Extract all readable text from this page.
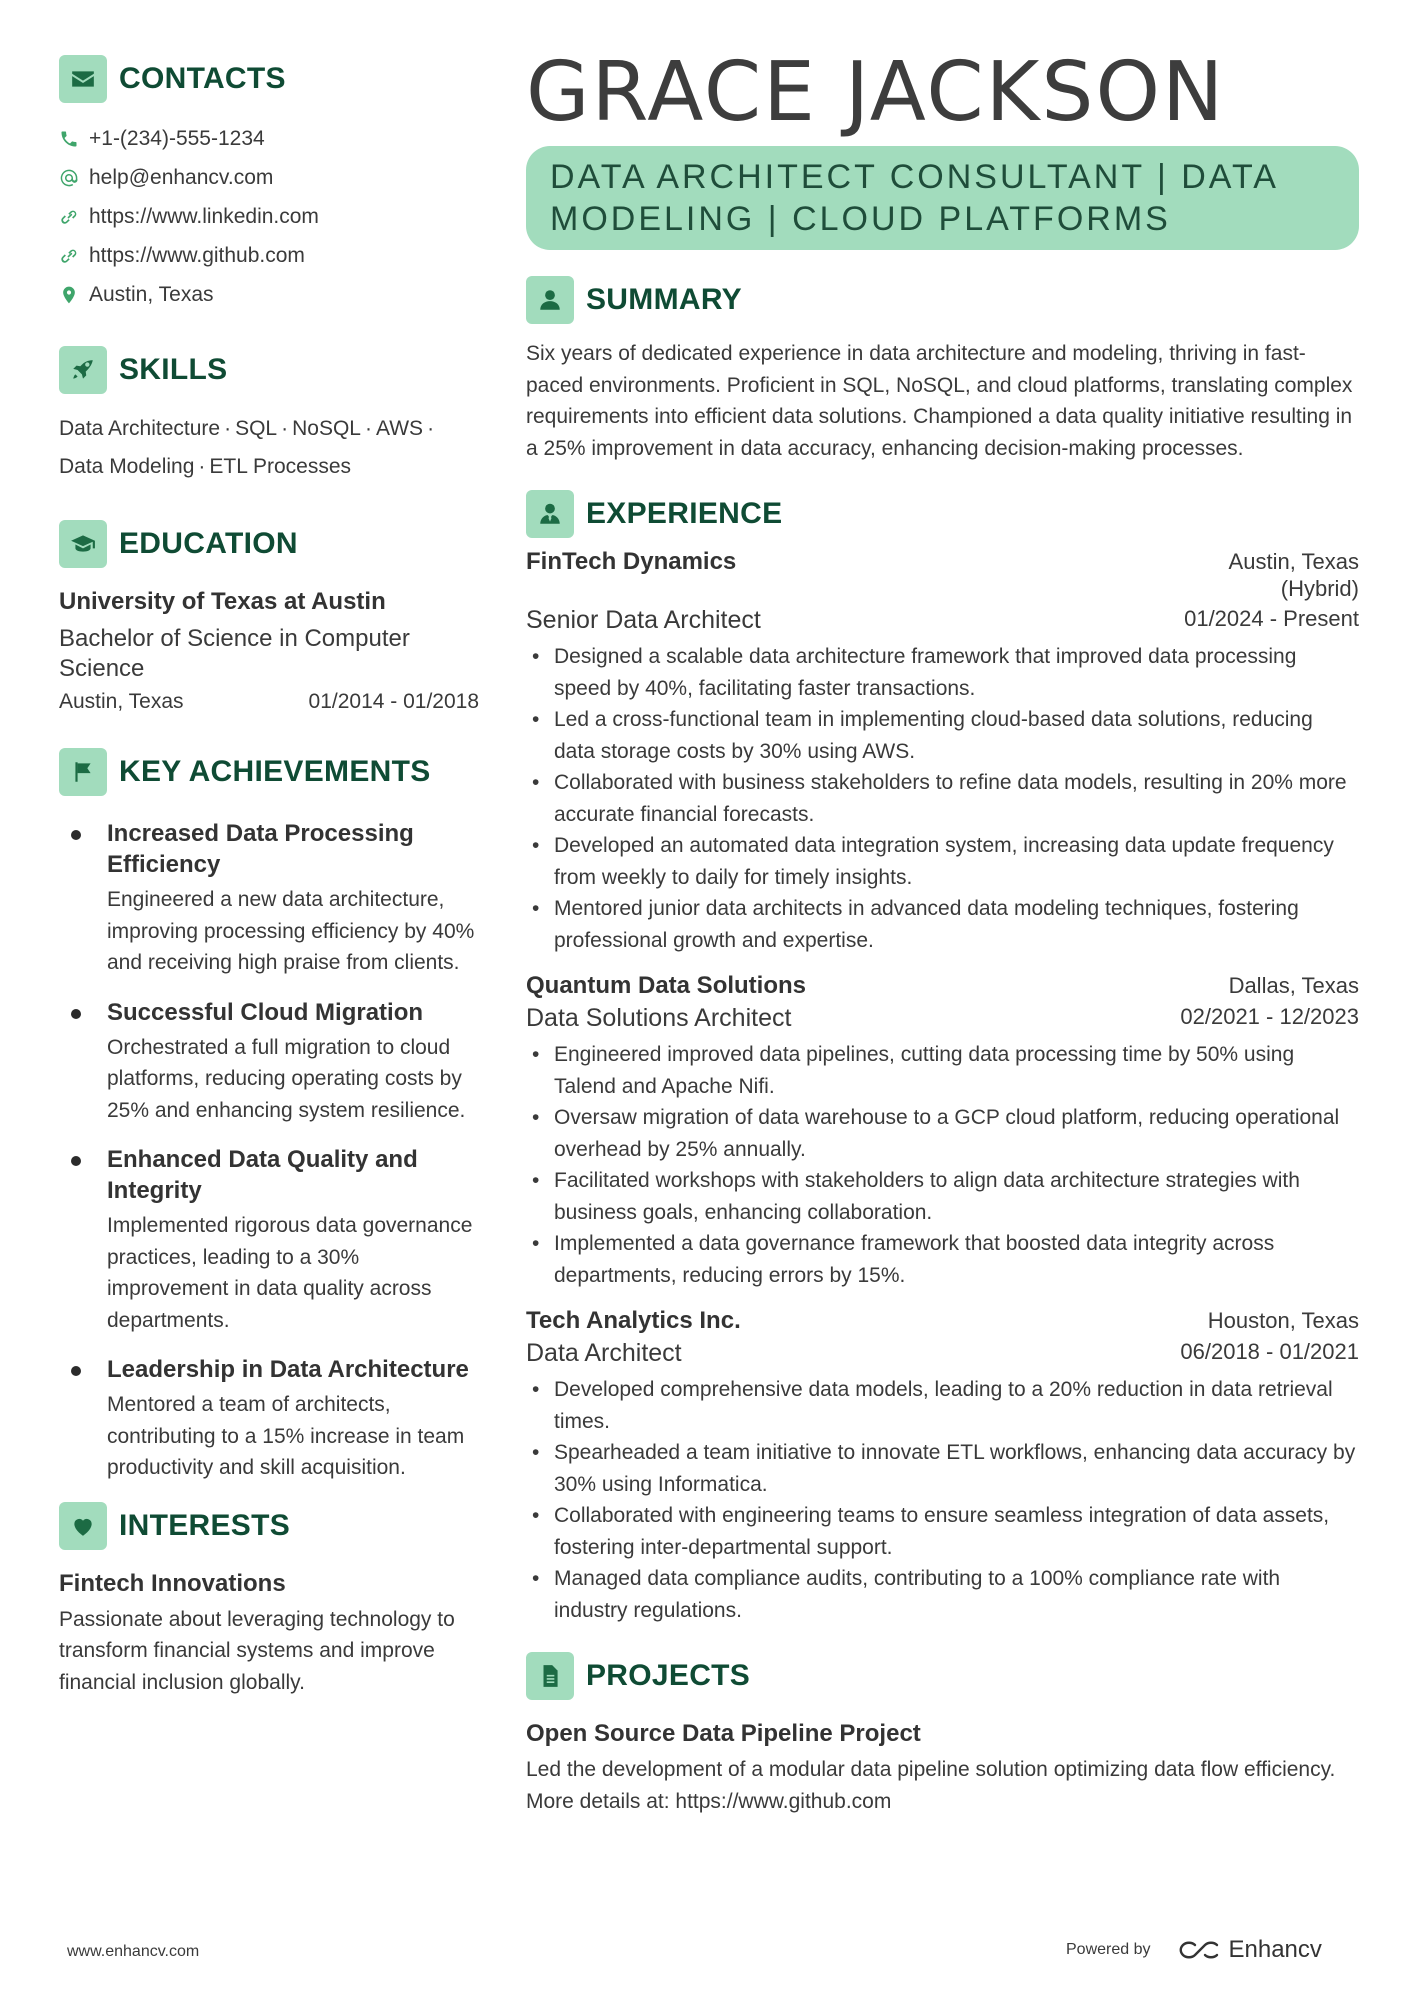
CONTACTS
+1-(234)-555-1234
help@enhancv.com
https://www.linkedin.com
https://www.github.com
Austin, Texas
SKILLS
Data Architecture · SQL · NoSQL · AWS ·
Data Modeling · ETL Processes
EDUCATION
University of Texas at Austin
Bachelor of Science in Computer Science
Austin, Texas	01/2014 - 01/2018
KEY ACHIEVEMENTS
Increased Data Processing Efficiency
Engineered a new data architecture, improving processing efficiency by 40% and receiving high praise from clients.
Successful Cloud Migration
Orchestrated a full migration to cloud platforms, reducing operating costs by 25% and enhancing system resilience.
Enhanced Data Quality and Integrity
Implemented rigorous data governance practices, leading to a 30% improvement in data quality across departments.
Leadership in Data Architecture
Mentored a team of architects, contributing to a 15% increase in team productivity and skill acquisition.
INTERESTS
Fintech Innovations
Passionate about leveraging technology to transform financial systems and improve financial inclusion globally.
GRACE JACKSON
DATA ARCHITECT CONSULTANT | DATA MODELING | CLOUD PLATFORMS
SUMMARY
Six years of dedicated experience in data architecture and modeling, thriving in fast-paced environments. Proficient in SQL, NoSQL, and cloud platforms, translating complex requirements into efficient data solutions. Championed a data quality initiative resulting in a 25% improvement in data accuracy, enhancing decision-making processes.
EXPERIENCE
FinTech Dynamics	Austin, Texas (Hybrid)
Senior Data Architect	01/2024 - Present
• Designed a scalable data architecture framework that improved data processing speed by 40%, facilitating faster transactions.
• Led a cross-functional team in implementing cloud-based data solutions, reducing data storage costs by 30% using AWS.
• Collaborated with business stakeholders to refine data models, resulting in 20% more accurate financial forecasts.
• Developed an automated data integration system, increasing data update frequency from weekly to daily for timely insights.
• Mentored junior data architects in advanced data modeling techniques, fostering professional growth and expertise.
Quantum Data Solutions	Dallas, Texas
Data Solutions Architect	02/2021 - 12/2023
• Engineered improved data pipelines, cutting data processing time by 50% using Talend and Apache Nifi.
• Oversaw migration of data warehouse to a GCP cloud platform, reducing operational overhead by 25% annually.
• Facilitated workshops with stakeholders to align data architecture strategies with business goals, enhancing collaboration.
• Implemented a data governance framework that boosted data integrity across departments, reducing errors by 15%.
Tech Analytics Inc.	Houston, Texas
Data Architect	06/2018 - 01/2021
• Developed comprehensive data models, leading to a 20% reduction in data retrieval times.
• Spearheaded a team initiative to innovate ETL workflows, enhancing data accuracy by 30% using Informatica.
• Collaborated with engineering teams to ensure seamless integration of data assets, fostering inter-departmental support.
• Managed data compliance audits, contributing to a 100% compliance rate with industry regulations.
PROJECTS
Open Source Data Pipeline Project
Led the development of a modular data pipeline solution optimizing data flow efficiency. More details at: https://www.github.com
www.enhancv.com	Powered by	Enhancv
